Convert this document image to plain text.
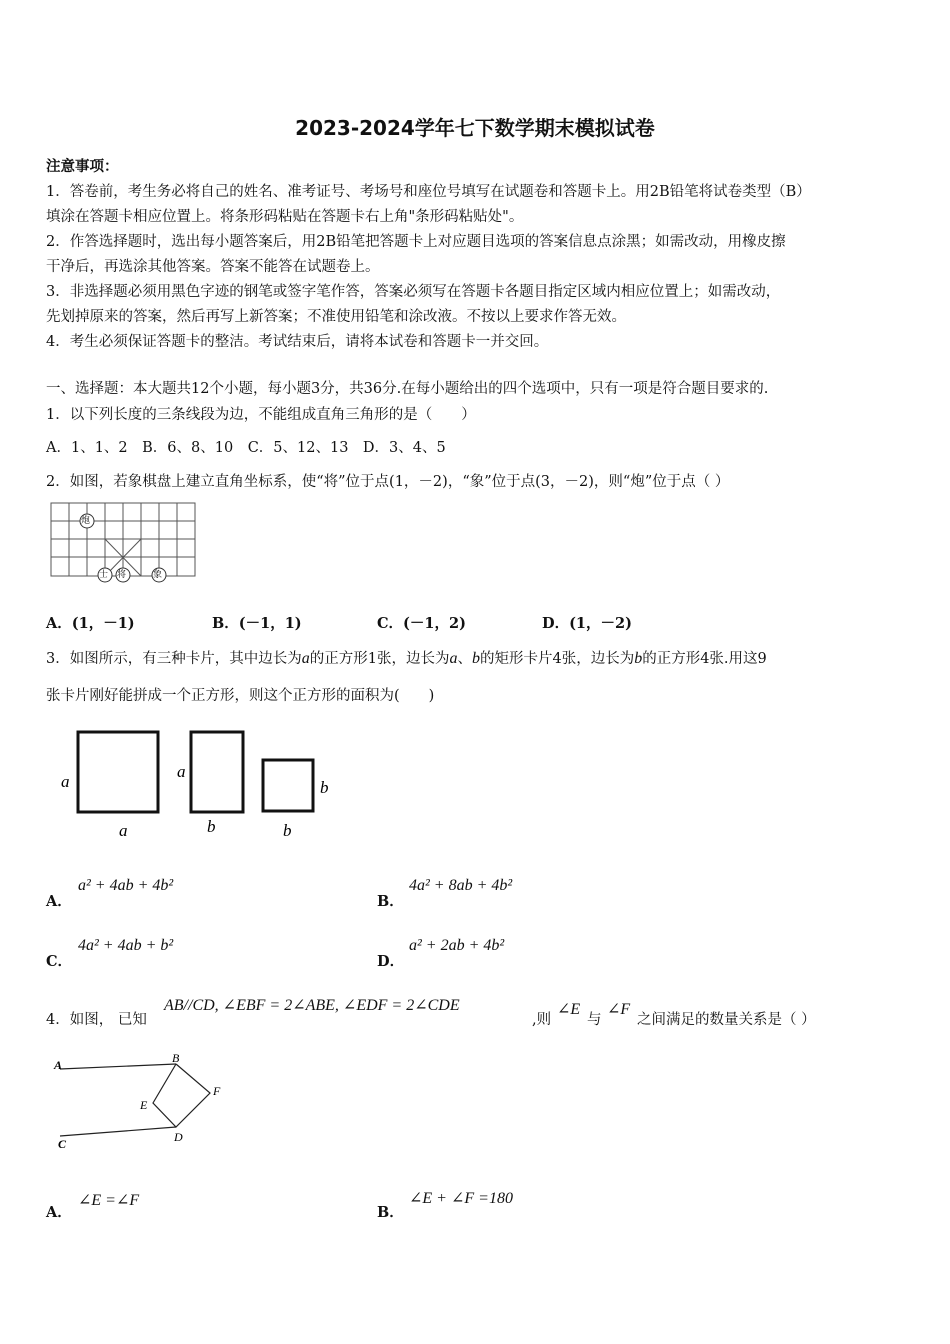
2023-2024学年七下数学期末模拟试卷
注意事项：
1．答卷前，考生务必将自己的姓名、准考证号、考场号和座位号填写在试题卷和答题卡上。用2B铅笔将试卷类型（B）
填涂在答题卡相应位置上。将条形码粘贴在答题卡右上角"条形码粘贴处"。
2．作答选择题时，选出每小题答案后，用2B铅笔把答题卡上对应题目选项的答案信息点涂黑；如需改动，用橡皮擦
干净后，再选涂其他答案。答案不能答在试题卷上。
3．非选择题必须用黑色字迹的钢笔或签字笔作答，答案必须写在答题卡各题目指定区域内相应位置上；如需改动，
先划掉原来的答案，然后再写上新答案；不准使用铅笔和涂改液。不按以上要求作答无效。
4．考生必须保证答题卡的整洁。考试结束后，请将本试卷和答题卡一并交回。
一、选择题：本大题共12个小题，每小题3分，共36分.在每小题给出的四个选项中，只有一项是符合题目要求的.
1．以下列长度的三条线段为边，不能组成直角三角形的是（　　）
A．1、1、2　B．6、8、10　C．5、12、13　D．3、4、5
2．如图，若象棋盘上建立直角坐标系，使“将”位于点(1，－2)，“象”位于点(3，－2)，则“炮”位于点（ ）
炮
士 将	象
A．(1，－1)	B．(－1，1)	C．(－1，2)	D．(1，－2)
3．如图所示，有三种卡片，其中边长为a的正方形1张，边长为a、b的矩形卡片4张，边长为b的正方形4张.用这9
张卡片刚好能拼成一个正方形，则这个正方形的面积为(　　)
a
a
a
b	b
b
A．
a² + 4ab + 4b²
B．
4a² + 8ab + 4b²
C．
4a² + 4ab + b²
D．
a² + 2ab + 4b²
4．如图， 已知
AB//CD, ∠EBF = 2∠ABE, ∠EDF = 2∠CDE
,则
∠E
与
∠F
之间满足的数量关系是（ ）
A	B
C	D
E
F
A．
∠E =∠F
B．
∠E + ∠F =180
